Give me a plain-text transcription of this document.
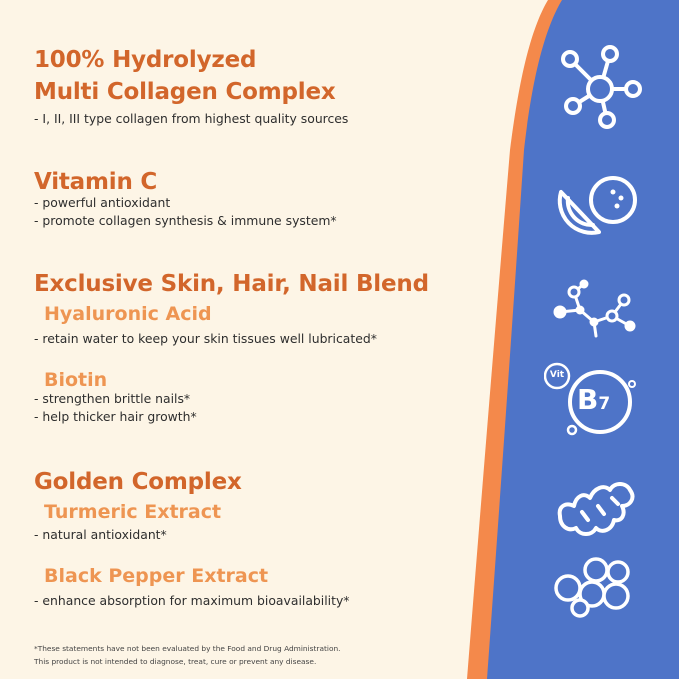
100% Hydrolyzed
Multi Collagen Complex
- I, II, III type collagen from highest quality sources
Vitamin C
- powerful antioxidant
- promote collagen synthesis & immune system*
Exclusive Skin, Hair, Nail Blend
Hyaluronic Acid
- retain water to keep your skin tissues well lubricated*
Biotin
- strengthen brittle nails*
- help thicker hair growth*
Golden Complex
Turmeric Extract
- natural antioxidant*
Black Pepper Extract
- enhance absorption for maximum bioavailability*
*These statements have not been evaluated by the Food and Drug Administration.
This product is not intended to diagnose, treat, cure or prevent any disease.
Vit
B7
